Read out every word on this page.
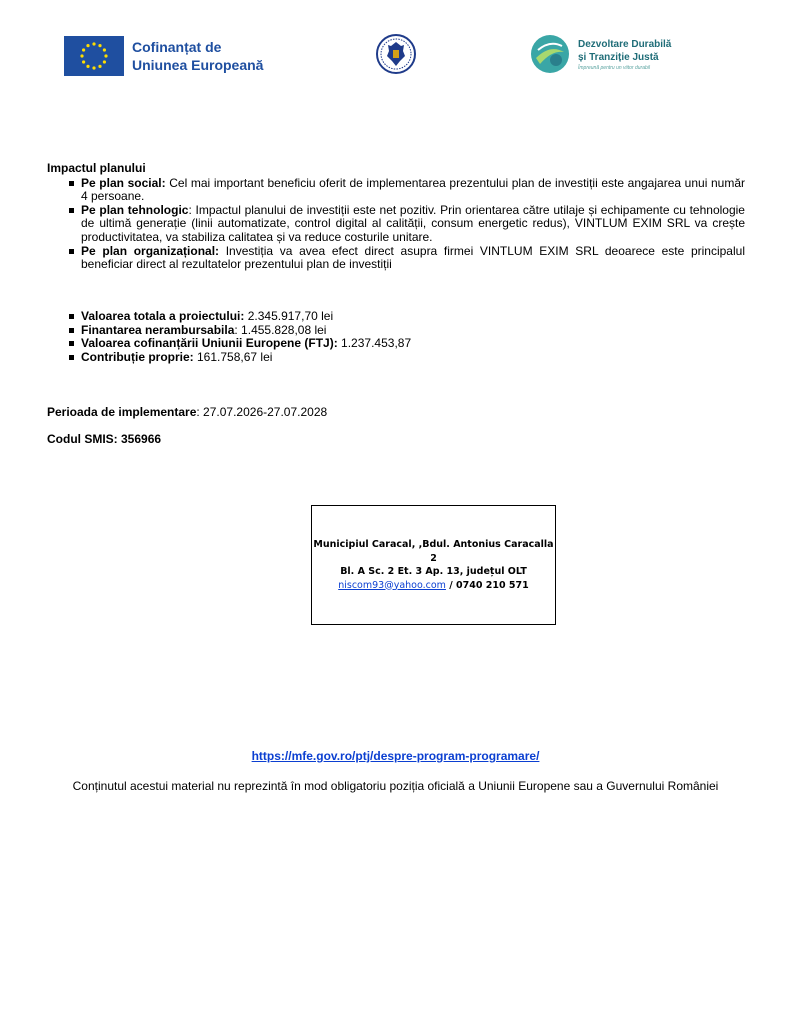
Cofinanțat de
Uniunea Europeană
Dezvoltare Durabilă
și Tranziție Justă
Împreună pentru un viitor durabil
Impactul planului
Pe plan social: Cel mai important beneficiu oferit de implementarea prezentului plan de investiții este angajarea unui număr 4 persoane.
Pe plan tehnologic: Impactul planului de investiții este net pozitiv. Prin orientarea către utilaje și echipamente cu tehnologie de ultimă generație (linii automatizate, control digital al calității, consum energetic redus), VINTLUM EXIM SRL va crește productivitatea, va stabiliza calitatea și va reduce costurile unitare.
Pe plan organizațional: Investiția va avea efect direct asupra firmei VINTLUM EXIM SRL deoarece este principalul beneficiar direct al rezultatelor prezentului plan de investiții
Valoarea totala a proiectului: 2.345.917,70 lei
Finantarea nerambursabila: 1.455.828,08 lei
Valoarea cofinanțării Uniunii Europene (FTJ): 1.237.453,87
Contribuție proprie: 161.758,67 lei
Perioada de implementare: 27.07.2026-27.07.2028
Codul SMIS: 356966
Municipiul Caracal, ,Bdul. Antonius Caracalla 2
Bl. A Sc. 2 Et. 3 Ap. 13, județul OLT
niscom93@yahoo.com / 0740 210 571
https://mfe.gov.ro/ptj/despre-program-programare/
Conținutul acestui material nu reprezintă în mod obligatoriu poziția oficială a Uniunii Europene sau a Guvernului României
